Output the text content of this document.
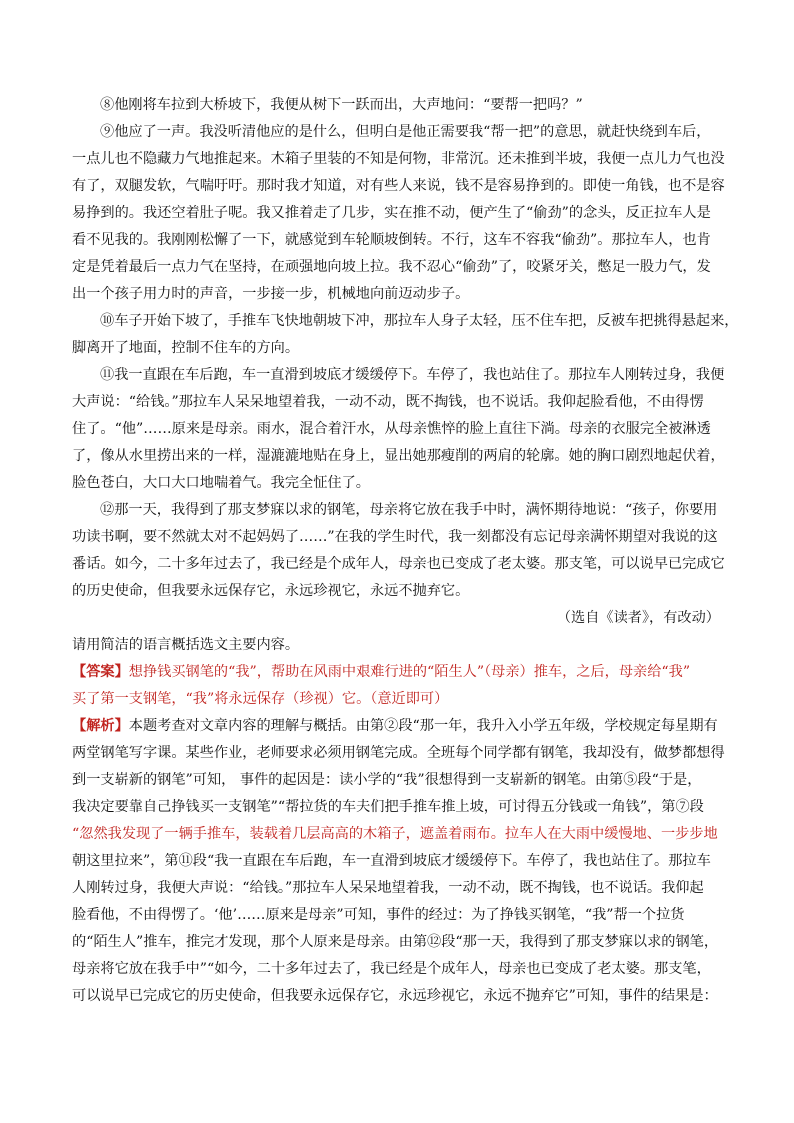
⑧他刚将车拉到大桥坡下，我便从树下一跃而出，大声地问：“要帮一把吗？”
⑨他应了一声。我没听清他应的是什么，但明白是他正需要我“帮一把”的意思，就赶快绕到车后，
一点儿也不隐藏力气地推起来。木箱子里装的不知是何物，非常沉。还未推到半坡，我便一点儿力气也没
有了，双腿发软，气喘吁吁。那时我才知道，对有些人来说，钱不是容易挣到的。即使一角钱，也不是容
易挣到的。我还空着肚子呢。我又推着走了几步，实在推不动，便产生了“偷劲”的念头，反正拉车人是
看不见我的。我刚刚松懈了一下，就感觉到车轮顺坡倒转。不行，这车不容我“偷劲”。那拉车人，也肯
定是凭着最后一点力气在坚持，在顽强地向坡上拉。我不忍心“偷劲”了，咬紧牙关，憋足一股力气，发
出一个孩子用力时的声音，一步接一步，机械地向前迈动步子。
⑩车子开始下坡了，手推车飞快地朝坡下冲，那拉车人身子太轻，压不住车把，反被车把挑得悬起来，
脚离开了地面，控制不住车的方向。
⑪我一直跟在车后跑，车一直滑到坡底才缓缓停下。车停了，我也站住了。那拉车人刚转过身，我便
大声说：“给钱。”那拉车人呆呆地望着我，一动不动，既不掏钱，也不说话。我仰起脸看他，不由得愣
住了。“他”……原来是母亲。雨水，混合着汗水，从母亲憔悴的脸上直往下淌。母亲的衣服完全被淋透
了，像从水里捞出来的一样，湿漉漉地贴在身上，显出她那瘦削的两肩的轮廓。她的胸口剧烈地起伏着，
脸色苍白，大口大口地喘着气。我完全怔住了。
⑫那一天，我得到了那支梦寐以求的钢笔，母亲将它放在我手中时，满怀期待地说：“孩子，你要用
功读书啊，要不然就太对不起妈妈了……”在我的学生时代，我一刻都没有忘记母亲满怀期望对我说的这
番话。如今，二十多年过去了，我已经是个成年人，母亲也已变成了老太婆。那支笔，可以说早已完成它
的历史使命，但我要永远保存它，永远珍视它，永远不抛弃它。
（选自《读者》，有改动）
请用简洁的语言概括选文主要内容。
【答案】想挣钱买钢笔的“我”，帮助在风雨中艰难行进的“陌生人”（母亲）推车，之后，母亲给“我”
买了第一支钢笔，“我”将永远保存（珍视）它。（意近即可）
【解析】本题考查对文章内容的理解与概括。由第②段“那一年，我升入小学五年级，学校规定每星期有
两堂钢笔写字课。某些作业，老师要求必须用钢笔完成。全班每个同学都有钢笔，我却没有，做梦都想得
到一支崭新的钢笔”可知， 事件的起因是：读小学的“我”很想得到一支崭新的钢笔。由第⑤段“于是，
我决定要靠自己挣钱买一支钢笔”“帮拉货的车夫们把手推车推上坡，可讨得五分钱或一角钱”，第⑦段
“忽然我发现了一辆手推车，装载着几层高高的木箱子，遮盖着雨布。拉车人在大雨中缓慢地、一步步地
朝这里拉来”，第⑪段“我一直跟在车后跑，车一直滑到坡底才缓缓停下。车停了，我也站住了。那拉车
人刚转过身，我便大声说：“给钱。”那拉车人呆呆地望着我，一动不动，既不掏钱，也不说话。我仰起
脸看他，不由得愣了。‘他’……原来是母亲”可知，事件的经过：为了挣钱买钢笔，“我”帮一个拉货
的“陌生人”推车，推完才发现，那个人原来是母亲。由第⑫段“那一天，我得到了那支梦寐以求的钢笔，
母亲将它放在我手中”“如今，二十多年过去了，我已经是个成年人，母亲也已变成了老太婆。那支笔，
可以说早已完成它的历史使命，但我要永远保存它，永远珍视它，永远不抛弃它”可知，事件的结果是：
